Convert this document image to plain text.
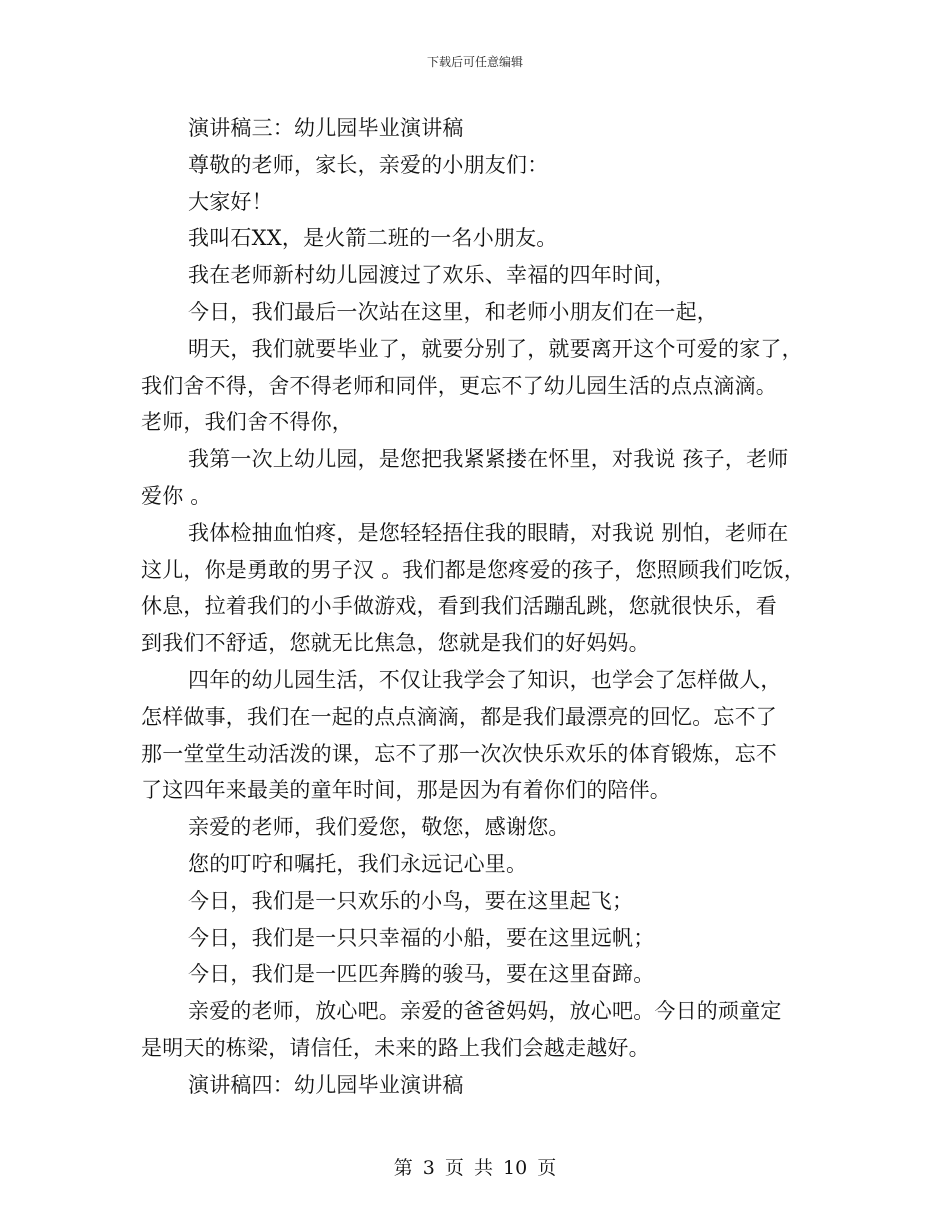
下载后可任意编辑
演讲稿三：幼儿园毕业演讲稿
尊敬的老师，家长，亲爱的小朋友们：
大家好！
我叫石XX，是火箭二班的一名小朋友。
我在老师新村幼儿园渡过了欢乐、幸福的四年时间，
今日，我们最后一次站在这里，和老师小朋友们在一起，
明天，我们就要毕业了，就要分别了，就要离开这个可爱的家了，
我们舍不得，舍不得老师和同伴，更忘不了幼儿园生活的点点滴滴。
老师，我们舍不得你，
我第一次上幼儿园，是您把我紧紧搂在怀里，对我说 孩子，老师
爱你 。
我体检抽血怕疼，是您轻轻捂住我的眼睛，对我说 别怕，老师在
这儿，你是勇敢的男子汉 。我们都是您疼爱的孩子，您照顾我们吃饭，
休息，拉着我们的小手做游戏，看到我们活蹦乱跳，您就很快乐，看
到我们不舒适，您就无比焦急，您就是我们的好妈妈。
四年的幼儿园生活，不仅让我学会了知识，也学会了怎样做人，
怎样做事，我们在一起的点点滴滴，都是我们最漂亮的回忆。忘不了
那一堂堂生动活泼的课，忘不了那一次次快乐欢乐的体育锻炼，忘不
了这四年来最美的童年时间，那是因为有着你们的陪伴。
亲爱的老师，我们爱您，敬您，感谢您。
您的叮咛和嘱托，我们永远记心里。
今日，我们是一只欢乐的小鸟，要在这里起飞；
今日，我们是一只只幸福的小船，要在这里远帆；
今日，我们是一匹匹奔腾的骏马，要在这里奋蹄。
亲爱的老师，放心吧。亲爱的爸爸妈妈，放心吧。今日的顽童定
是明天的栋梁，请信任，未来的路上我们会越走越好。
演讲稿四：幼儿园毕业演讲稿
第 3 页 共 10 页
